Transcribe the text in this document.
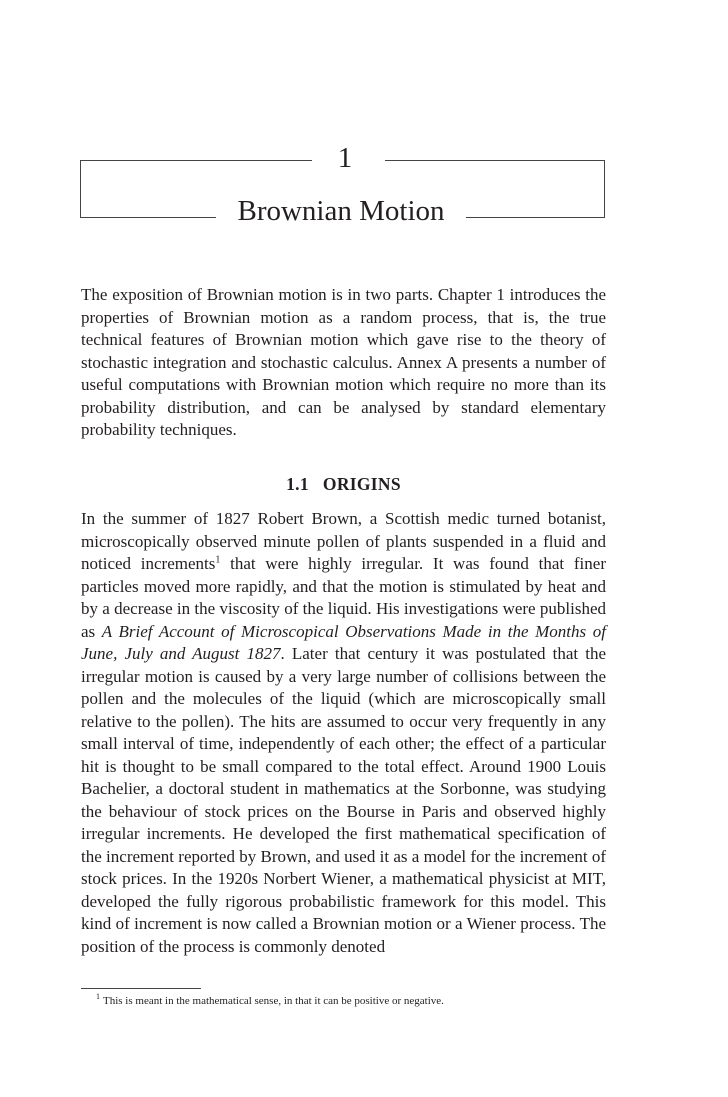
1
Brownian Motion

The exposition of Brownian motion is in two parts. Chapter 1 introduces the properties of Brownian motion as a random process, that is, the true technical features of Brownian motion which gave rise to the theory of stochastic integration and stochastic calculus. Annex A presents a number of useful computations with Brownian motion which require no more than its probability distribution, and can be analysed by standard elementary probability techniques.

1.1 ORIGINS

In the summer of 1827 Robert Brown, a Scottish medic turned botanist, microscopically observed minute pollen of plants suspended in a fluid and noticed increments$^1$ that were highly irregular. It was found that finer particles moved more rapidly, and that the motion is stimulated by heat and by a decrease in the viscosity of the liquid. His investigations were published as A Brief Account of Microscopical Observations Made in the Months of June, July and August 1827. Later that century it was postulated that the irregular motion is caused by a very large number of collisions between the pollen and the molecules of the liquid (which are microscopically small relative to the pollen). The hits are assumed to occur very frequently in any small interval of time, independently of each other; the effect of a particular hit is thought to be small compared to the total effect. Around 1900 Louis Bachelier, a doctoral student in mathematics at the Sorbonne, was studying the behaviour of stock prices on the Bourse in Paris and observed highly irregular increments. He developed the first mathematical specification of the increment reported by Brown, and used it as a model for the increment of stock prices. In the 1920s Norbert Wiener, a mathematical physicist at MIT, developed the fully rigorous probabilistic framework for this model. This kind of increment is now called a Brownian motion or a Wiener process. The position of the process is commonly denoted

$^1$ This is meant in the mathematical sense, in that it can be positive or negative.
